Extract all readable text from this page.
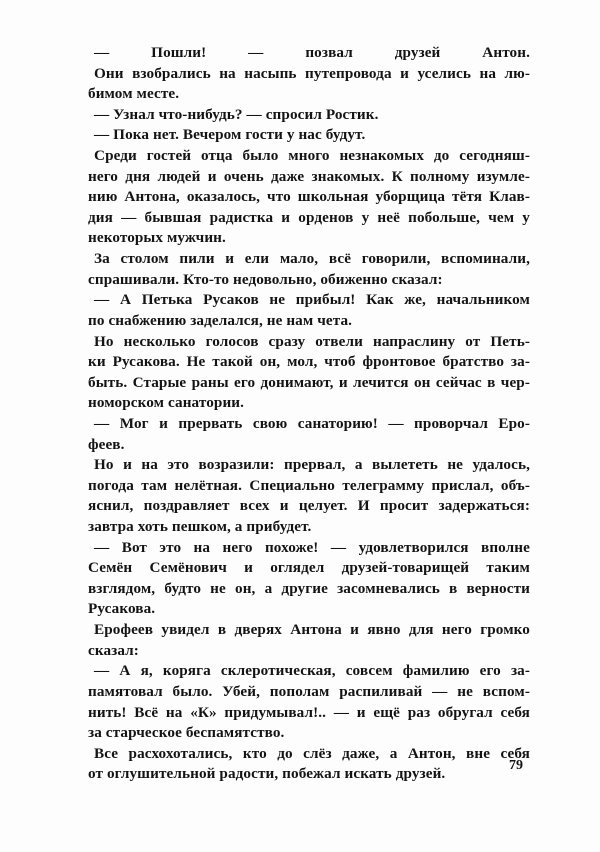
— Пошли! — позвал друзей Антон.
Они взобрались на насыпь путепровода и уселись на лю-
бимом месте.
— Узнал что-нибудь? — спросил Ростик.
— Пока нет. Вечером гости у нас будут.
Среди гостей отца было много незнакомых до сегодняш-
него дня людей и очень даже знакомых. К полному изумле-
нию Антона, оказалось, что школьная уборщица тётя Клав-
дия — бывшая радистка и орденов у неё побольше, чем у
некоторых мужчин.
За столом пили и ели мало, всё говорили, вспоминали,
спрашивали. Кто-то недовольно, обиженно сказал:
— А Петька Русаков не прибыл! Как же, начальником
по снабжению заделался, не нам чета.
Но несколько голосов сразу отвели напраслину от Петь-
ки Русакова. Не такой он, мол, чтоб фронтовое братство за-
быть. Старые раны его донимают, и лечится он сейчас в чер-
номорском санатории.
— Мог и прервать свою санаторию! — проворчал Еро-
феев.
Но и на это возразили: прервал, а вылететь не удалось,
погода там нелётная. Специально телеграмму прислал, объ-
яснил, поздравляет всех и целует. И просит задержаться:
завтра хоть пешком, а прибудет.
— Вот это на него похоже! — удовлетворился вполне
Семён Семёнович и оглядел друзей-товарищей таким
взглядом, будто не он, а другие засомневались в верности
Русакова.
Ерофеев увидел в дверях Антона и явно для него громко
сказал:
— А я, коряга склеротическая, совсем фамилию его за-
памятовал было. Убей, пополам распиливай — не вспом-
нить! Всё на «К» придумывал!.. — и ещё раз обругал себя
за старческое беспамятство.
Все расхохотались, кто до слёз даже, а Антон, вне себя
от оглушительной радости, побежал искать друзей.	79
